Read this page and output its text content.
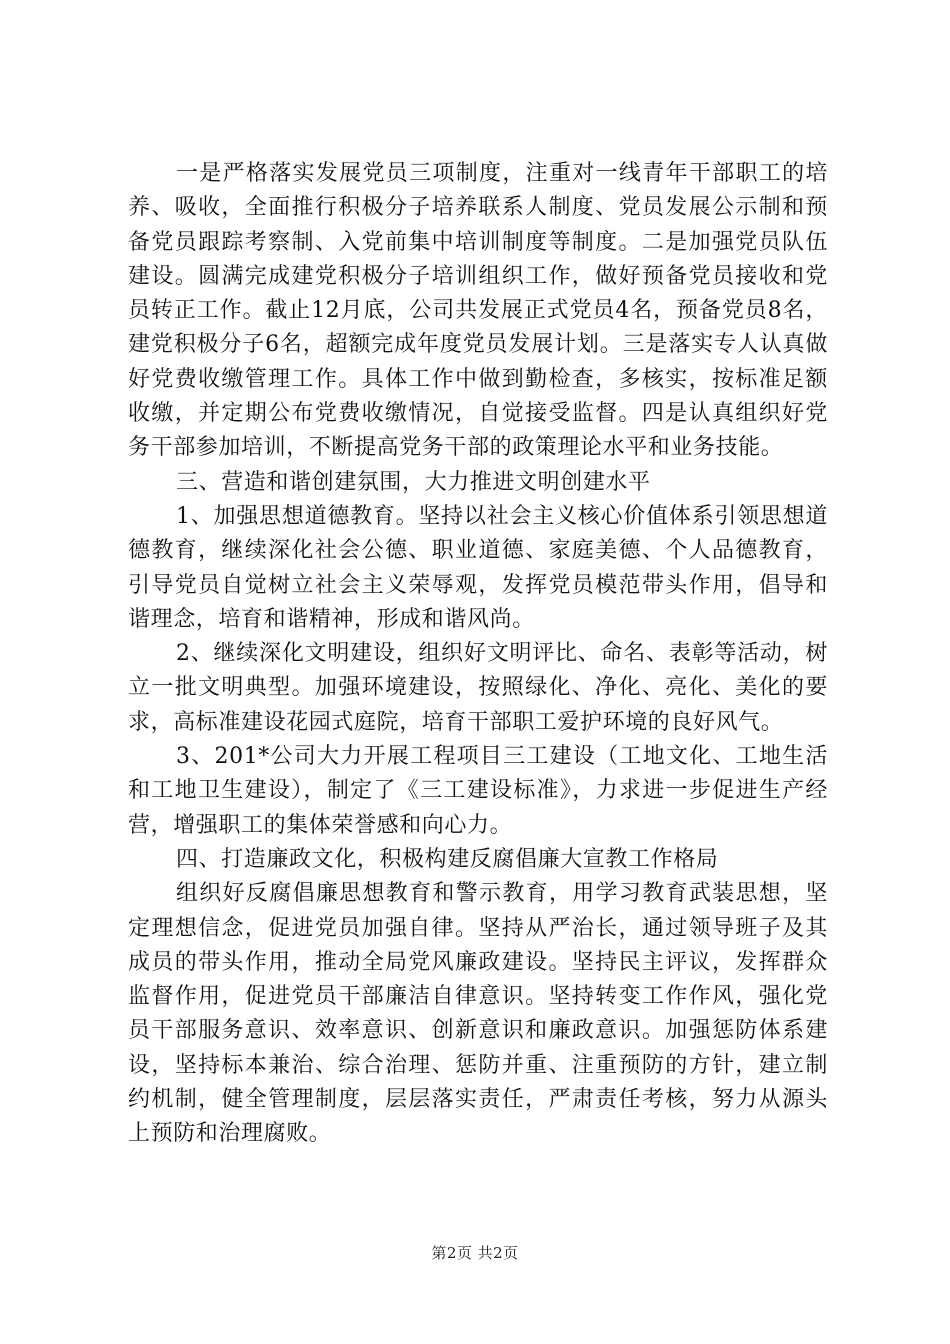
一是严格落实发展党员三项制度，注重对一线青年干部职工的培养、吸收，全面推行积极分子培养联系人制度、党员发展公示制和预备党员跟踪考察制、入党前集中培训制度等制度。二是加强党员队伍建设。圆满完成建党积极分子培训组织工作，做好预备党员接收和党员转正工作。截止12月底，公司共发展正式党员4名，预备党员8名，建党积极分子6名，超额完成年度党员发展计划。三是落实专人认真做好党费收缴管理工作。具体工作中做到勤检查，多核实，按标准足额收缴，并定期公布党费收缴情况，自觉接受监督。四是认真组织好党务干部参加培训，不断提高党务干部的政策理论水平和业务技能。

三、营造和谐创建氛围，大力推进文明创建水平

1、加强思想道德教育。坚持以社会主义核心价值体系引领思想道德教育，继续深化社会公德、职业道德、家庭美德、个人品德教育，引导党员自觉树立社会主义荣辱观，发挥党员模范带头作用，倡导和谐理念，培育和谐精神，形成和谐风尚。

2、继续深化文明建设，组织好文明评比、命名、表彰等活动，树立一批文明典型。加强环境建设，按照绿化、净化、亮化、美化的要求，高标准建设花园式庭院，培育干部职工爱护环境的良好风气。

3、201*公司大力开展工程项目三工建设（工地文化、工地生活和工地卫生建设），制定了《三工建设标准》，力求进一步促进生产经营，增强职工的集体荣誉感和向心力。

四、打造廉政文化，积极构建反腐倡廉大宣教工作格局

组织好反腐倡廉思想教育和警示教育，用学习教育武装思想，坚定理想信念，促进党员加强自律。坚持从严治长，通过领导班子及其成员的带头作用，推动全局党风廉政建设。坚持民主评议，发挥群众监督作用，促进党员干部廉洁自律意识。坚持转变工作作风，强化党员干部服务意识、效率意识、创新意识和廉政意识。加强惩防体系建设，坚持标本兼治、综合治理、惩防并重、注重预防的方针，建立制约机制，健全管理制度，层层落实责任，严肃责任考核，努力从源头上预防和治理腐败。

第2页 共2页
